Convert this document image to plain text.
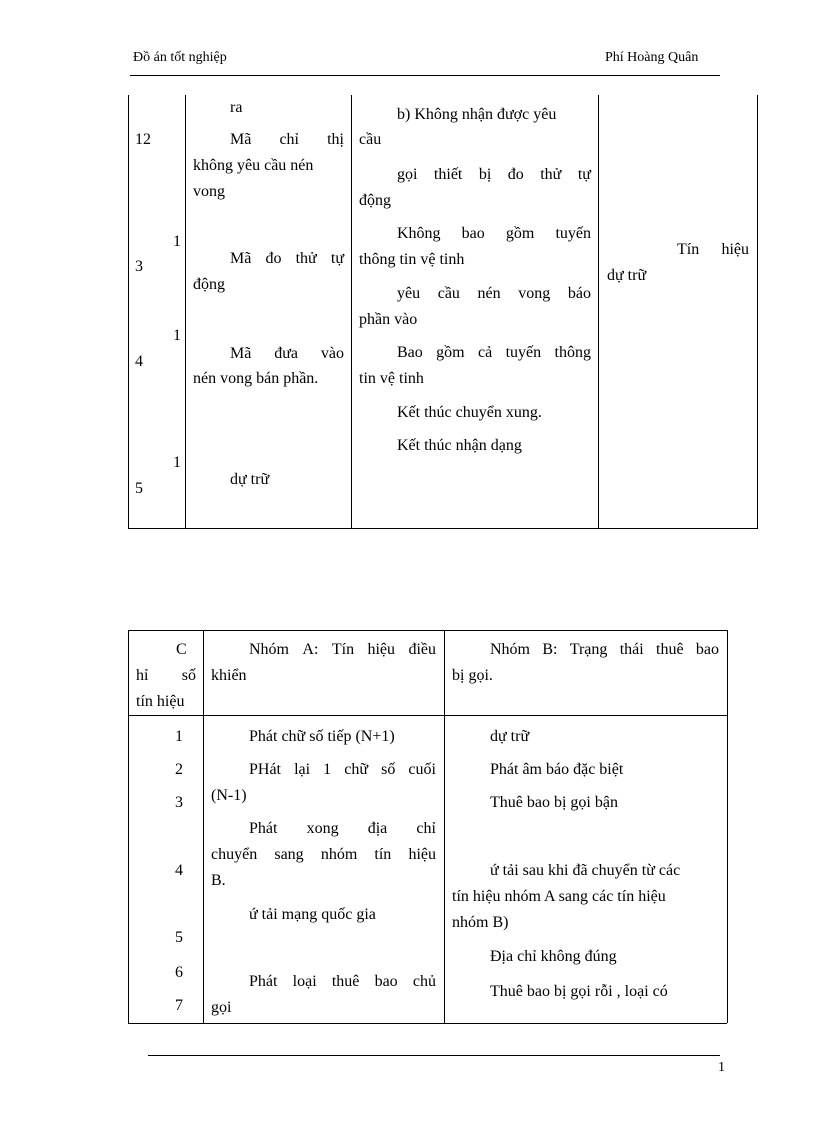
Đồ án tốt nghiệp	Phí Hoàng Quân
12
1
3
1
4
1
5
ra
Mã chỉ thị
không yêu cầu nén
vong
Mã đo thử tự
động
Mã đưa vào
nén vong bán phần.
dự trữ
b) Không nhận được yêu
cầu
gọi thiết bị đo thử tự
động
Không bao gồm tuyến
thông tin vệ tinh
yêu cầu nén vong báo
phần vào
Bao gồm cả tuyến thông
tin vệ tinh
Kết thúc chuyển xung.
Kết thúc nhận dạng
Tín hiệu
dự trữ
C
hỉ số
tín hiệu
Nhóm A: Tín hiệu điều
khiển
Nhóm B: Trạng thái thuê bao
bị gọi.
1
2
3
4
5
6
7
Phát chữ số tiếp (N+1)
PHát lại 1 chữ số cuối
(N-1)
Phát xong địa chỉ
chuyển sang nhóm tín hiệu
B.
ứ tải mạng quốc gia
Phát loại thuê bao chủ
gọi
dự trữ
Phát âm báo đặc biệt
Thuê bao bị gọi bận
ứ tải sau khi đã chuyển từ các
tín hiệu nhóm A sang các tín hiệu
nhóm B)
Địa chỉ không đúng
Thuê bao bị gọi rỗi , loại có
1
